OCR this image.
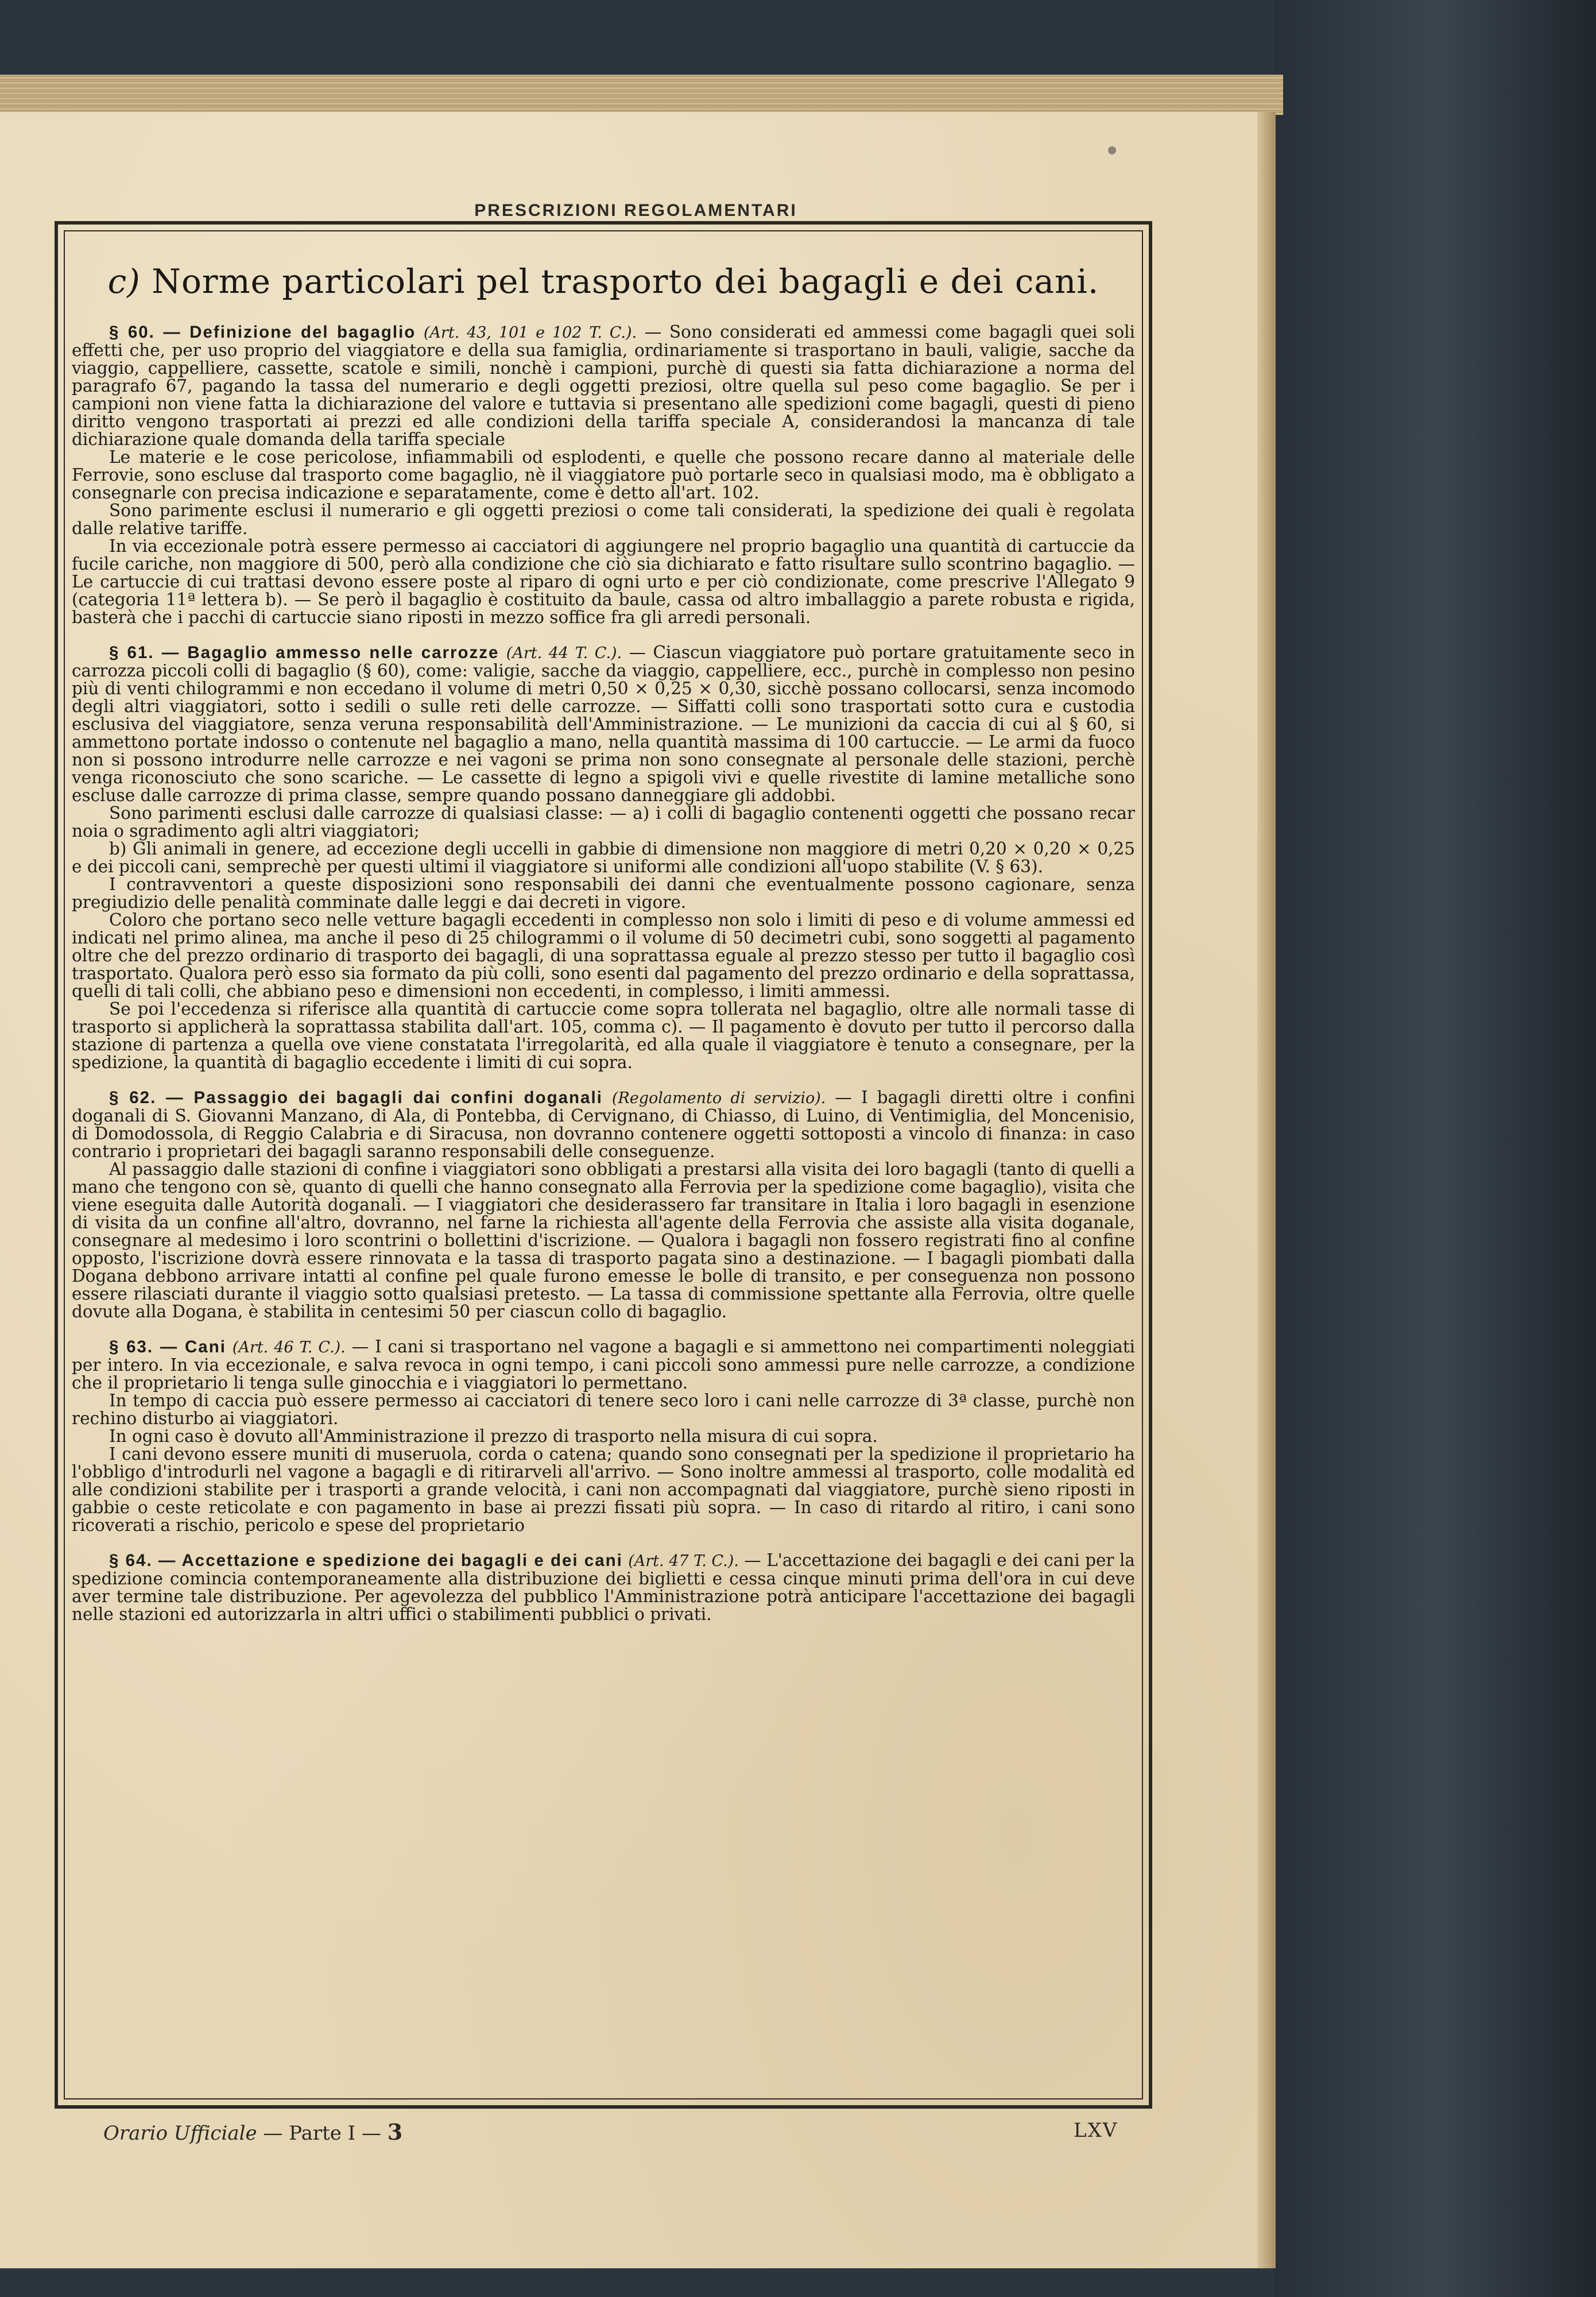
PRESCRIZIONI REGOLAMENTARI
c) Norme particolari pel trasporto dei bagagli e dei cani.

§ 60. — Definizione del bagaglio (Art. 43, 101 e 102 T. C.). — Sono considerati ed ammessi come bagagli quei soli effetti che, per uso proprio del viaggiatore e della sua famiglia, ordinariamente si trasportano in bauli, valigie, sacche da viaggio, cappelliere, cassette, scatole e simili, nonchè i campioni, purchè di questi sia fatta dichiarazione a norma del paragrafo 67, pagando la tassa del numerario e degli oggetti preziosi, oltre quella sul peso come bagaglio. Se per i campioni non viene fatta la dichiarazione del valore e tuttavia si presentano alle spedizioni come bagagli, questi di pieno diritto vengono trasportati ai prezzi ed alle condizioni della tariffa speciale A, considerandosi la mancanza di tale dichiarazione quale domanda della tariffa speciale

Le materie e le cose pericolose, infiammabili od esplodenti, e quelle che possono recare danno al materiale delle Ferrovie, sono escluse dal trasporto come bagaglio, nè il viaggiatore può portarle seco in qualsiasi modo, ma è obbligato a consegnarle con precisa indicazione e separatamente, come è detto all'art. 102.

Sono parimente esclusi il numerario e gli oggetti preziosi o come tali considerati, la spedizione dei quali è regolata dalle relative tariffe.

In via eccezionale potrà essere permesso ai cacciatori di aggiungere nel proprio bagaglio una quantità di cartuccie da fucile cariche, non maggiore di 500, però alla condizione che ciò sia dichiarato e fatto risultare sullo scontrino bagaglio. — Le cartuccie di cui trattasi devono essere poste al riparo di ogni urto e per ciò condizionate, come prescrive l'Allegato 9 (categoria 11ª lettera b). — Se però il bagaglio è costituito da baule, cassa od altro imballaggio a parete robusta e rigida, basterà che i pacchi di cartuccie siano riposti in mezzo soffice fra gli arredi personali.

§ 61. — Bagaglio ammesso nelle carrozze (Art. 44 T. C.). — Ciascun viaggiatore può portare gratuitamente seco in carrozza piccoli colli di bagaglio (§ 60), come: valigie, sacche da viaggio, cappelliere, ecc., purchè in complesso non pesino più di venti chilogrammi e non eccedano il volume di metri 0,50 × 0,25 × 0,30, sicchè possano collocarsi, senza incomodo degli altri viaggiatori, sotto i sedili o sulle reti delle carrozze. — Siffatti colli sono trasportati sotto cura e custodia esclusiva del viaggiatore, senza veruna responsabilità dell'Amministrazione. — Le munizioni da caccia di cui al § 60, si ammettono portate indosso o contenute nel bagaglio a mano, nella quantità massima di 100 cartuccie. — Le armi da fuoco non si possono introdurre nelle carrozze e nei vagoni se prima non sono consegnate al personale delle stazioni, perchè venga riconosciuto che sono scariche. — Le cassette di legno a spigoli vivi e quelle rivestite di lamine metalliche sono escluse dalle carrozze di prima classe, sempre quando possano danneggiare gli addobbi.

Sono parimenti esclusi dalle carrozze di qualsiasi classe: — a) i colli di bagaglio contenenti oggetti che possano recar noia o sgradimento agli altri viaggiatori;

b) Gli animali in genere, ad eccezione degli uccelli in gabbie di dimensione non maggiore di metri 0,20 × 0,20 × 0,25 e dei piccoli cani, semprechè per questi ultimi il viaggiatore si uniformi alle condizioni all'uopo stabilite (V. § 63).

I contravventori a queste disposizioni sono responsabili dei danni che eventualmente possono cagionare, senza pregiudizio delle penalità comminate dalle leggi e dai decreti in vigore.

Coloro che portano seco nelle vetture bagagli eccedenti in complesso non solo i limiti di peso e di volume ammessi ed indicati nel primo alinea, ma anche il peso di 25 chilogrammi o il volume di 50 decimetri cubi, sono soggetti al pagamento oltre che del prezzo ordinario di trasporto dei bagagli, di una soprattassa eguale al prezzo stesso per tutto il bagaglio così trasportato. Qualora però esso sia formato da più colli, sono esenti dal pagamento del prezzo ordinario e della soprattassa, quelli di tali colli, che abbiano peso e dimensioni non eccedenti, in complesso, i limiti ammessi.

Se poi l'eccedenza si riferisce alla quantità di cartuccie come sopra tollerata nel bagaglio, oltre alle normali tasse di trasporto si applicherà la soprattassa stabilita dall'art. 105, comma c). — Il pagamento è dovuto per tutto il percorso dalla stazione di partenza a quella ove viene constatata l'irregolarità, ed alla quale il viaggiatore è tenuto a consegnare, per la spedizione, la quantità di bagaglio eccedente i limiti di cui sopra.

§ 62. — Passaggio dei bagagli dai confini doganali (Regolamento di servizio). — I bagagli diretti oltre i confini doganali di S. Giovanni Manzano, di Ala, di Pontebba, di Cervignano, di Chiasso, di Luino, di Ventimiglia, del Moncenisio, di Domodossola, di Reggio Calabria e di Siracusa, non dovranno contenere oggetti sottoposti a vincolo di finanza: in caso contrario i proprietari dei bagagli saranno responsabili delle conseguenze.

Al passaggio dalle stazioni di confine i viaggiatori sono obbligati a prestarsi alla visita dei loro bagagli (tanto di quelli a mano che tengono con sè, quanto di quelli che hanno consegnato alla Ferrovia per la spedizione come bagaglio), visita che viene eseguita dalle Autorità doganali. — I viaggiatori che desiderassero far transitare in Italia i loro bagagli in esenzione di visita da un confine all'altro, dovranno, nel farne la richiesta all'agente della Ferrovia che assiste alla visita doganale, consegnare al medesimo i loro scontrini o bollettini d'iscrizione. — Qualora i bagagli non fossero registrati fino al confine opposto, l'iscrizione dovrà essere rinnovata e la tassa di trasporto pagata sino a destinazione. — I bagagli piombati dalla Dogana debbono arrivare intatti al confine pel quale furono emesse le bolle di transito, e per conseguenza non possono essere rilasciati durante il viaggio sotto qualsiasi pretesto. — La tassa di commissione spettante alla Ferrovia, oltre quelle dovute alla Dogana, è stabilita in centesimi 50 per ciascun collo di bagaglio.

§ 63. — Cani (Art. 46 T. C.). — I cani si trasportano nel vagone a bagagli e si ammettono nei compartimenti noleggiati per intero. In via eccezionale, e salva revoca in ogni tempo, i cani piccoli sono ammessi pure nelle carrozze, a condizione che il proprietario li tenga sulle ginocchia e i viaggiatori lo permettano.

In tempo di caccia può essere permesso ai cacciatori di tenere seco loro i cani nelle carrozze di 3ª classe, purchè non rechino disturbo ai viaggiatori.

In ogni caso è dovuto all'Amministrazione il prezzo di trasporto nella misura di cui sopra.

I cani devono essere muniti di museruola, corda o catena; quando sono consegnati per la spedizione il proprietario ha l'obbligo d'introdurli nel vagone a bagagli e di ritirarveli all'arrivo. — Sono inoltre ammessi al trasporto, colle modalità ed alle condizioni stabilite per i trasporti a grande velocità, i cani non accompagnati dal viaggiatore, purchè sieno riposti in gabbie o ceste reticolate e con pagamento in base ai prezzi fissati più sopra. — In caso di ritardo al ritiro, i cani sono ricoverati a rischio, pericolo e spese del proprietario

§ 64. — Accettazione e spedizione dei bagagli e dei cani (Art. 47 T. C.). — L'accettazione dei bagagli e dei cani per la spedizione comincia contemporaneamente alla distribuzione dei biglietti e cessa cinque minuti prima dell'ora in cui deve aver termine tale distribuzione. Per agevolezza del pubblico l'Amministrazione potrà anticipare l'accettazione dei bagagli nelle stazioni ed autorizzarla in altri uffici o stabilimenti pubblici o privati.

Orario Ufficiale — Parte I — 3	LXV
